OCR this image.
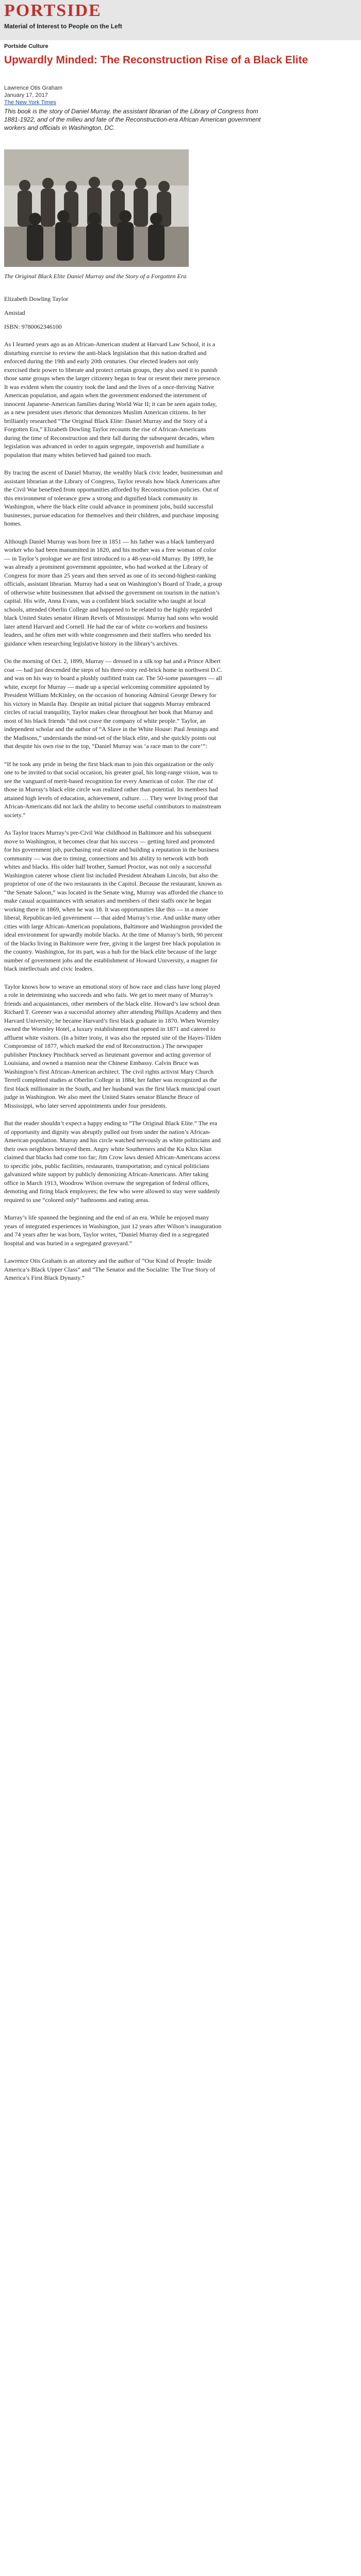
PORTSIDE
Material of Interest to People on the Left
Portside Culture
Upwardly Minded: The Reconstruction Rise of a Black Elite
Lawrence Otis Graham
January 17, 2017
The New York Times

This book is the story of Daniel Murray, the assistant librarian of the Library of Congress from 1881-1922, and of the milieu and fate of the Reconstruction-era African American government workers and officials in Washington, DC.

The Original Black Elite Daniel Murray and the Story of a Forgotten Era

Elizabeth Dowling Taylor
Amistad
ISBN: 9780062346100

As I learned years ago as an African-American student at Harvard Law School, it is a disturbing exercise to review the anti-black legislation that this nation drafted and enforced during the 19th and early 20th centuries. Our elected leaders not only exercised their power to liberate and protect certain groups, they also used it to punish those same groups when the larger citizenry began to fear or resent their mere presence. It was evident when the country took the land and the lives of a once-thriving Native American population, and again when the government endorsed the internment of innocent Japanese-American families during World War II; it can be seen again today, as a new president uses rhetoric that demonizes Muslim American citizens. In her brilliantly researched “The Original Black Elite: Daniel Murray and the Story of a Forgotten Era,” Elizabeth Dowling Taylor recounts the rise of African-Americans during the time of Reconstruction and their fall during the subsequent decades, when legislation was advanced in order to again segregate, impoverish and humiliate a population that many whites believed had gained too much.

By tracing the ascent of Daniel Murray, the wealthy black civic leader, businessman and assistant librarian at the Library of Congress, Taylor reveals how black Americans after the Civil War benefited from opportunities afforded by Reconstruction policies. Out of this environment of tolerance grew a strong and dignified black community in Washington, where the black elite could advance in prominent jobs, build successful businesses, pursue education for themselves and their children, and purchase imposing homes.

Although Daniel Murray was born free in 1851 — his father was a black lumberyard worker who had been manumitted in 1820, and his mother was a free woman of color — in Taylor’s prologue we are first introduced to a 48-year-old Murray. By 1899, he was already a prominent government appointee, who had worked at the Library of Congress for more than 25 years and then served as one of its second-highest-ranking officials, assistant librarian. Murray had a seat on Washington’s Board of Trade, a group of otherwise white businessmen that advised the government on tourism in the nation’s capital. His wife, Anna Evans, was a confident black socialite who taught at local schools, attended Oberlin College and happened to be related to the highly regarded black United States senator Hiram Revels of Mississippi. Murray had sons who would later attend Harvard and Cornell. He had the ear of white co-workers and business leaders, and he often met with white congressmen and their staffers who needed his guidance when researching legislative history in the library’s archives.

On the morning of Oct. 2, 1899, Murray — dressed in a silk top hat and a Prince Albert coat — had just descended the steps of his three-story red-brick home in northwest D.C. and was on his way to board a plushly outfitted train car. The 50-some passengers — all white, except for Murray — made up a special welcoming committee appointed by President William McKinley, on the occasion of honoring Admiral George Dewey for his victory in Manila Bay. Despite an initial picture that suggests Murray embraced circles of racial tranquility, Taylor makes clear throughout her book that Murray and most of his black friends “did not crave the company of white people.” Taylor, an independent scholar and the author of “A Slave in the White House: Paul Jennings and the Madisons,” understands the mind-set of the black elite, and she quickly points out that despite his own rise to the top, “Daniel Murray was ‘a race man to the core’”:

“If he took any pride in being the first black man to join this organization or the only one to be invited to that social occasion, his greater goal, his long-range vision, was to see the vanguard of merit-based recognition for every American of color. The rise of those in Murray’s black elite circle was realized rather than potential. Its members had attained high levels of education, achievement, culture. … They were living proof that African-Americans did not lack the ability to become useful contributors to mainstream society.”

As Taylor traces Murray’s pre-Civil War childhood in Baltimore and his subsequent move to Washington, it becomes clear that his success — getting hired and promoted for his government job, purchasing real estate and building a reputation in the business community — was due to timing, connections and his ability to network with both whites and blacks. His older half brother, Samuel Proctor, was not only a successful Washington caterer whose client list included President Abraham Lincoln, but also the proprietor of one of the two restaurants in the Capitol. Because the restaurant, known as “the Senate Saloon,” was located in the Senate wing, Murray was afforded the chance to make casual acquaintances with senators and members of their staffs once he began working there in 1869, when he was 18. It was opportunities like this — in a more liberal, Republican-led government — that aided Murray’s rise. And unlike many other cities with large African-American populations, Baltimore and Washington provided the ideal environment for upwardly mobile blacks. At the time of Murray’s birth, 90 percent of the blacks living in Baltimore were free, giving it the largest free black population in the country. Washington, for its part, was a hub for the black elite because of the large number of government jobs and the establishment of Howard University, a magnet for black intellectuals and civic leaders.

Taylor knows how to weave an emotional story of how race and class have long played a role in determining who succeeds and who fails. We get to meet many of Murray’s friends and acquaintances, other members of the black elite. Howard’s law school dean Richard T. Greener was a successful attorney after attending Phillips Academy and then Harvard University; he became Harvard’s first black graduate in 1870. When Wormley owned the Wormley Hotel, a luxury establishment that opened in 1871 and catered to affluent white visitors. (In a bitter irony, it was also the reputed site of the Hayes-Tilden Compromise of 1877, which marked the end of Reconstruction.) The newspaper publisher Pinckney Pinchback served as lieutenant governor and acting governor of Louisiana, and owned a mansion near the Chinese Embassy. Calvin Bruce was Washington’s first African-American architect. The civil rights activist Mary Church Terrell completed studies at Oberlin College in 1884; her father was recognized as the first black millionaire in the South, and her husband was the first black municipal court judge in Washington. We also meet the United States senator Blanche Bruce of Mississippi, who later served appointments under four presidents.

But the reader shouldn’t expect a happy ending to “The Original Black Elite.” The era of opportunity and dignity was abruptly pulled out from under the nation’s African-American population. Murray and his circle watched nervously as white politicians and their own neighbors betrayed them. Angry white Southerners and the Ku Klux Klan claimed that blacks had come too far; Jim Crow laws denied African-Americans access to specific jobs, public facilities, restaurants, transportation; and cynical politicians galvanized white support by publicly demonizing African-Americans. After taking office in March 1913, Woodrow Wilson oversaw the segregation of federal offices, demoting and firing black employees; the few who were allowed to stay were suddenly required to use “colored only” bathrooms and eating areas.

Murray’s life spanned the beginning and the end of an era. While he enjoyed many years of integrated experiences in Washington, just 12 years after Wilson’s inauguration and 74 years after he was born, Taylor writes, “Daniel Murray died in a segregated hospital and was buried in a segregated graveyard.”

Lawrence Otis Graham is an attorney and the author of “Our Kind of People: Inside America’s Black Upper Class” and “The Senator and the Socialite: The True Story of America’s First Black Dynasty.”
